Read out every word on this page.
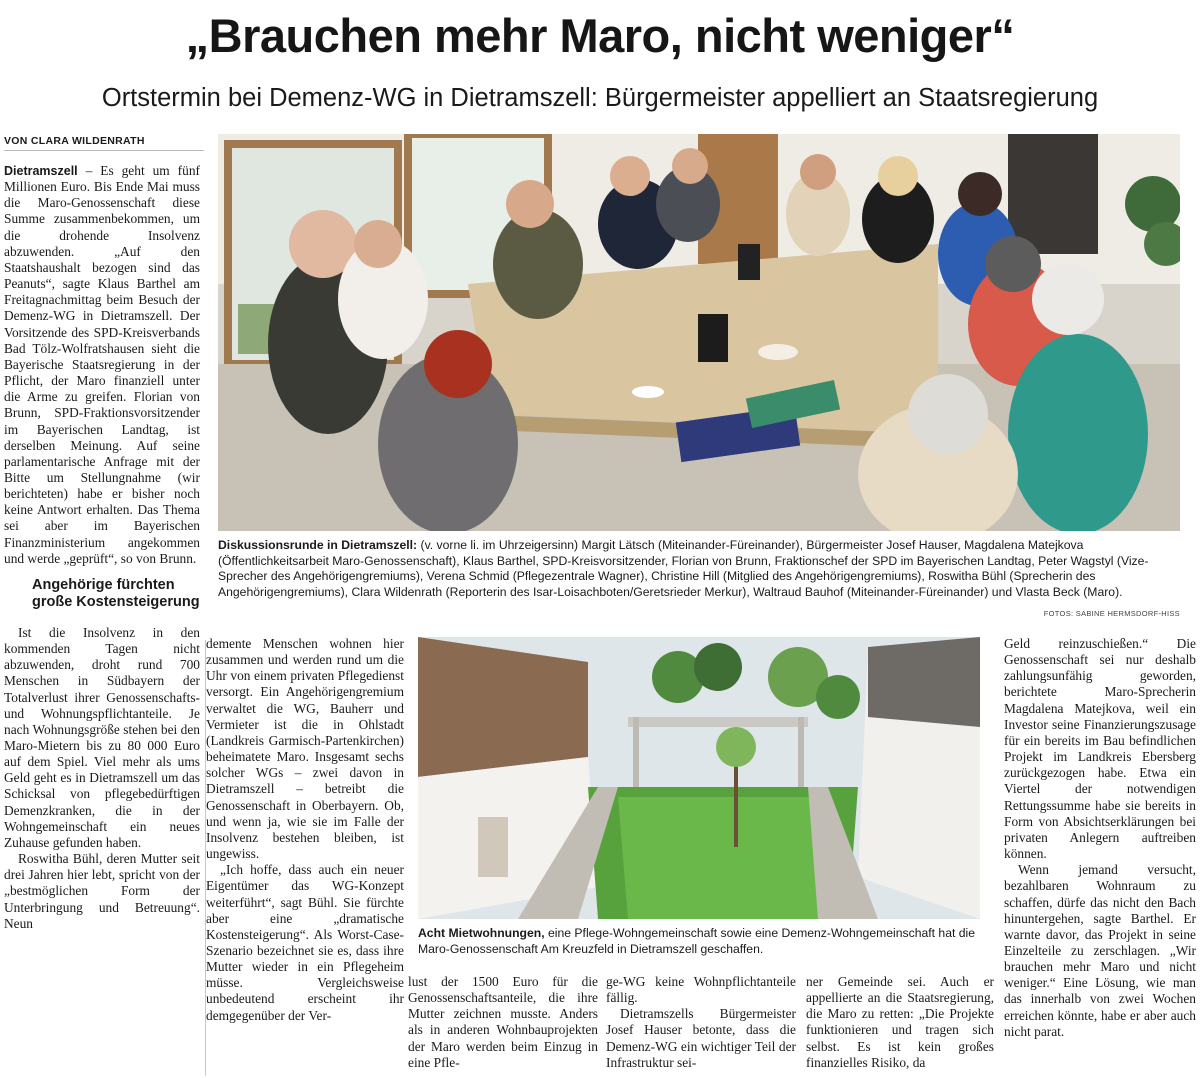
„Brauchen mehr Maro, nicht weniger“
Ortstermin bei Demenz-WG in Dietramszell: Bürgermeister appelliert an Staatsregierung
VON CLARA WILDENRATH

Dietramszell – Es geht um fünf Millionen Euro. Bis Ende Mai muss die Maro-Genossenschaft diese Summe zusammenbekommen, um die drohende Insolvenz abzuwenden. „Auf den Staatshaushalt bezogen sind das Peanuts“, sagte Klaus Barthel am Freitagnachmittag beim Besuch der Demenz-WG in Dietramszell. Der Vorsitzende des SPD-Kreisverbands Bad Tölz-Wolfratshausen sieht die Bayerische Staatsregierung in der Pflicht, der Maro finanziell unter die Arme zu greifen. Florian von Brunn, SPD-Fraktionsvorsitzender im Bayerischen Landtag, ist derselben Meinung. Auf seine parlamentarische Anfrage mit der Bitte um Stellungnahme (wir berichteten) habe er bisher noch keine Antwort erhalten. Das Thema sei aber im Bayerischen Finanzministerium angekommen und werde „geprüft“, so von Brunn.

Angehörige fürchten große Kostensteigerung

Ist die Insolvenz in den kommenden Tagen nicht abzuwenden, droht rund 700 Menschen in Südbayern der Totalverlust ihrer Genossenschafts- und Wohnungspflichtanteile. Je nach Wohnungsgröße stehen bei den Maro-Mietern bis zu 80 000 Euro auf dem Spiel. Viel mehr als ums Geld geht es in Dietramszell um das Schicksal von pflegebedürftigen Demenzkranken, die in der Wohngemeinschaft ein neues Zuhause gefunden haben.

Roswitha Bühl, deren Mutter seit drei Jahren hier lebt, spricht von der „bestmöglichen Form der Unterbringung und Betreuung“. Neun

demente Menschen wohnen hier zusammen und werden rund um die Uhr von einem privaten Pflegedienst versorgt. Ein Angehörigengremium verwaltet die WG, Bauherr und Vermieter ist die in Ohlstadt (Landkreis Garmisch-Partenkirchen) beheimatete Maro. Insgesamt sechs solcher WGs – zwei davon in Dietramszell – betreibt die Genossenschaft in Oberbayern. Ob, und wenn ja, wie sie im Falle der Insolvenz bestehen bleiben, ist ungewiss.

„Ich hoffe, dass auch ein neuer Eigentümer das WG-Konzept weiterführt“, sagt Bühl. Sie fürchte aber eine „dramatische Kostensteigerung“. Als Worst-Case-Szenario bezeichnet sie es, dass ihre Mutter wieder in ein Pflegeheim müsse. Vergleichsweise unbedeutend erscheint ihr demgegenüber der Ver-

lust der 1500 Euro für die Genossenschaftsanteile, die ihre Mutter zeichnen musste. Anders als in anderen Wohnbauprojekten der Maro werden beim Einzug in eine Pfle-

ge-WG keine Wohnpflichtanteile fällig.

Dietramszells Bürgermeister Josef Hauser betonte, dass die Demenz-WG ein wichtiger Teil der Infrastruktur sei-

ner Gemeinde sei. Auch er appellierte an die Staatsregierung, die Maro zu retten: „Die Projekte funktionieren und tragen sich selbst. Es ist kein großes finanzielles Risiko, da

Geld reinzuschießen.“ Die Genossenschaft sei nur deshalb zahlungsunfähig geworden, berichtete Maro-Sprecherin Magdalena Matejkova, weil ein Investor seine Finanzierungszusage für ein bereits im Bau befindlichen Projekt im Landkreis Ebersberg zurückgezogen habe. Etwa ein Viertel der notwendigen Rettungssumme habe sie bereits in Form von Absichtserklärungen bei privaten Anlegern auftreiben können.

Wenn jemand versucht, bezahlbaren Wohnraum zu schaffen, dürfe das nicht den Bach hinuntergehen, sagte Barthel. Er warnte davor, das Projekt in seine Einzelteile zu zerschlagen. „Wir brauchen mehr Maro und nicht weniger.“ Eine Lösung, wie man das innerhalb von zwei Wochen erreichen könnte, habe er aber auch nicht parat.

Diskussionsrunde in Dietramszell: (v. vorne li. im Uhrzeigersinn) Margit Lätsch (Miteinander-Füreinander), Bürgermeister Josef Hauser, Magdalena Matejkova (Öffentlichkeitsarbeit Maro-Genossenschaft), Klaus Barthel, SPD-Kreisvorsitzender, Florian von Brunn, Fraktionschef der SPD im Bayerischen Landtag, Peter Wagstyl (Vize-Sprecher des Angehörigengremiums), Verena Schmid (Pflegezentrale Wagner), Christine Hill (Mitglied des Angehörigengremiums), Roswitha Bühl (Sprecherin des Angehörigengremiums), Clara Wildenrath (Reporterin des Isar-Loisachboten/Geretsrieder Merkur), Waltraud Bauhof (Miteinander-Füreinander) und Vlasta Beck (Maro).
FOTOS: SABINE HERMSDORF-HISS
Acht Mietwohnungen, eine Pflege-Wohngemeinschaft sowie eine Demenz-Wohngemeinschaft hat die Maro-Genossenschaft Am Kreuzfeld in Dietramszell geschaffen.
